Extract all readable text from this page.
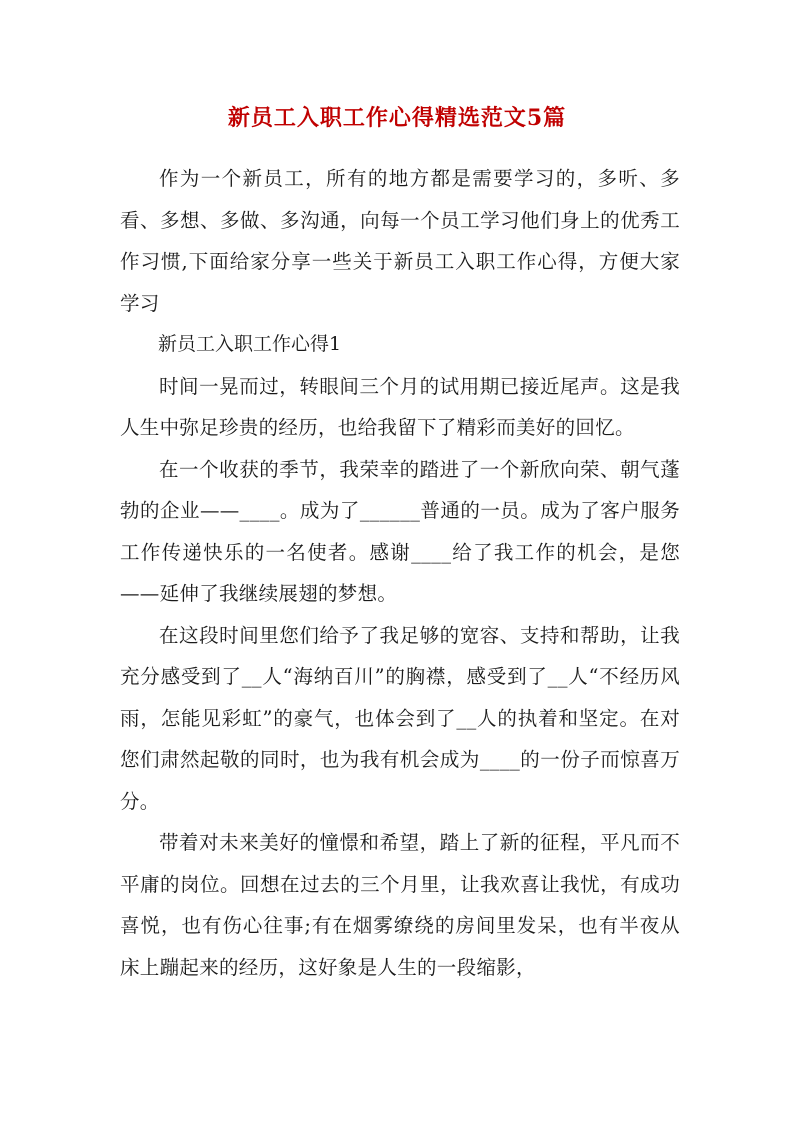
新员工入职工作心得精选范文5篇

作为一个新员工，所有的地方都是需要学习的，多听、多看、多想、多做、多沟通，向每一个员工学习他们身上的优秀工作习惯,下面给家分享一些关于新员工入职工作心得，方便大家学习

新员工入职工作心得1

时间一晃而过，转眼间三个月的试用期已接近尾声。这是我人生中弥足珍贵的经历，也给我留下了精彩而美好的回忆。

在一个收获的季节，我荣幸的踏进了一个新欣向荣、朝气蓬勃的企业——____。成为了______普通的一员。成为了客户服务工作传递快乐的一名使者。感谢____给了我工作的机会，是您——延伸了我继续展翅的梦想。

在这段时间里您们给予了我足够的宽容、支持和帮助，让我充分感受到了__人“海纳百川”的胸襟，感受到了__人“不经历风雨，怎能见彩虹”的豪气，也体会到了__人的执着和坚定。在对您们肃然起敬的同时，也为我有机会成为____的一份子而惊喜万分。

带着对未来美好的憧憬和希望，踏上了新的征程，平凡而不平庸的岗位。回想在过去的三个月里，让我欢喜让我忧，有成功喜悦，也有伤心往事;有在烟雾缭绕的房间里发呆，也有半夜从床上蹦起来的经历，这好象是人生的一段缩影，
